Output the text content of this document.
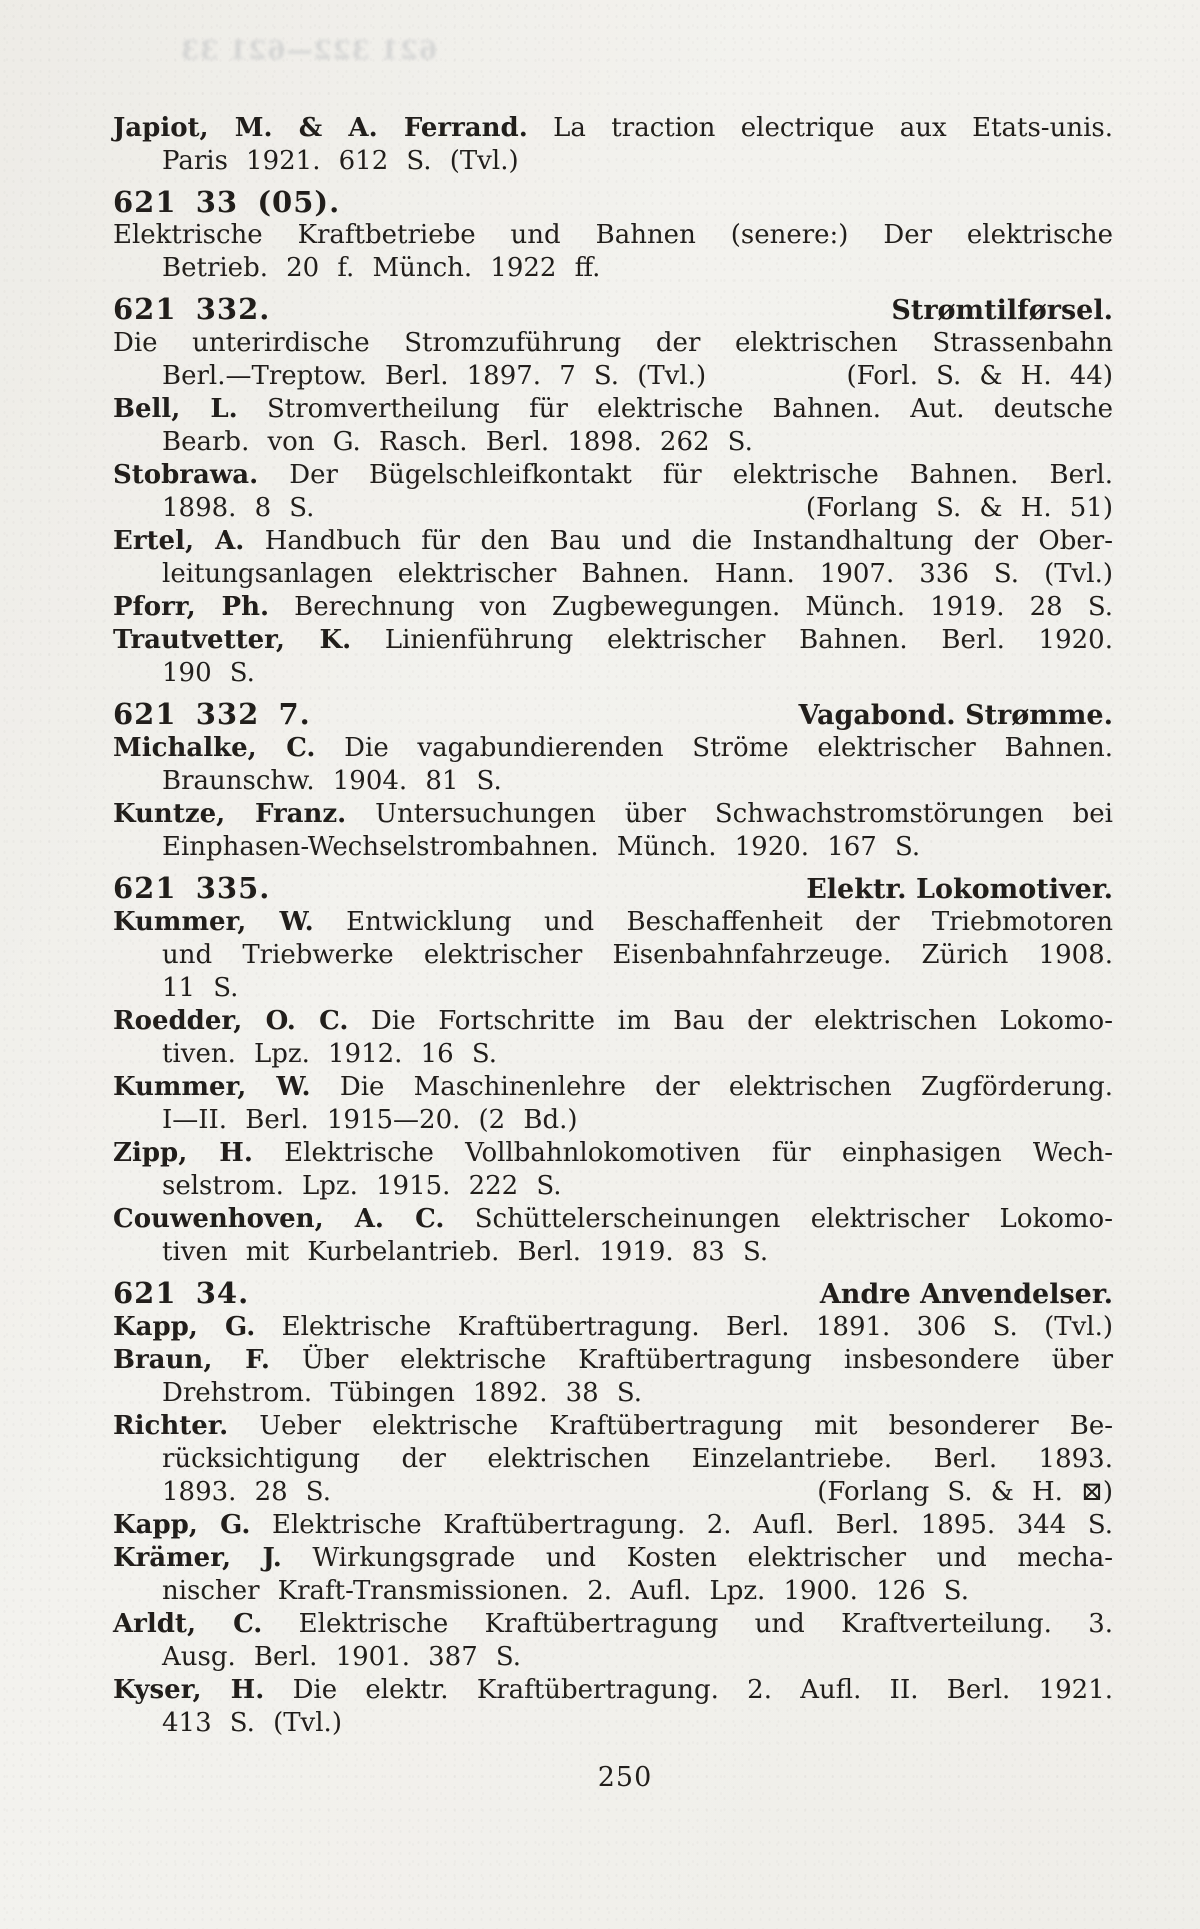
621 322—621 33
Japiot, M. & A. Ferrand. La traction electrique aux Etats-unis.
Paris 1921. 612 S. (Tvl.)
621 33 (05).
Elektrische Kraftbetriebe und Bahnen (senere:) Der elektrische
Betrieb. 20 f. Münch. 1922 ff.
621 332.	Strømtilførsel.
Die unterirdische Stromzuführung der elektrischen Strassenbahn
Berl.—Treptow. Berl. 1897. 7 S. (Tvl.)	(Forl. S. & H. 44)
Bell, L. Stromvertheilung für elektrische Bahnen. Aut. deutsche
Bearb. von G. Rasch. Berl. 1898. 262 S.
Stobrawa. Der Bügelschleifkontakt für elektrische Bahnen. Berl.
1898. 8 S.	(Forlang S. & H. 51)
Ertel, A. Handbuch für den Bau und die Instandhaltung der Ober-
leitungsanlagen elektrischer Bahnen. Hann. 1907. 336 S. (Tvl.)
Pforr, Ph. Berechnung von Zugbewegungen. Münch. 1919. 28 S.
Trautvetter, K. Linienführung elektrischer Bahnen. Berl. 1920.
190 S.
621 332 7.	Vagabond. Strømme.
Michalke, C. Die vagabundierenden Ströme elektrischer Bahnen.
Braunschw. 1904. 81 S.
Kuntze, Franz. Untersuchungen über Schwachstromstörungen bei
Einphasen-Wechselstrombahnen. Münch. 1920. 167 S.
621 335.	Elektr. Lokomotiver.
Kummer, W. Entwicklung und Beschaffenheit der Triebmotoren
und Triebwerke elektrischer Eisenbahnfahrzeuge. Zürich 1908.
11 S.
Roedder, O. C. Die Fortschritte im Bau der elektrischen Lokomo-
tiven. Lpz. 1912. 16 S.
Kummer, W. Die Maschinenlehre der elektrischen Zugförderung.
I—II. Berl. 1915—20. (2 Bd.)
Zipp, H. Elektrische Vollbahnlokomotiven für einphasigen Wech-
selstrom. Lpz. 1915. 222 S.
Couwenhoven, A. C. Schüttelerscheinungen elektrischer Lokomo-
tiven mit Kurbelantrieb. Berl. 1919. 83 S.
621 34.	Andre Anvendelser.
Kapp, G. Elektrische Kraftübertragung. Berl. 1891. 306 S. (Tvl.)
Braun, F. Über elektrische Kraftübertragung insbesondere über
Drehstrom. Tübingen 1892. 38 S.
Richter. Ueber elektrische Kraftübertragung mit besonderer Be-
rücksichtigung der elektrischen Einzelantriebe. Berl. 1893.
1893. 28 S.	(Forlang S. & H. ⊠)
Kapp, G. Elektrische Kraftübertragung. 2. Aufl. Berl. 1895. 344 S.
Krämer, J. Wirkungsgrade und Kosten elektrischer und mecha-
nischer Kraft-Transmissionen. 2. Aufl. Lpz. 1900. 126 S.
Arldt, C. Elektrische Kraftübertragung und Kraftverteilung. 3.
Ausg. Berl. 1901. 387 S.
Kyser, H. Die elektr. Kraftübertragung. 2. Aufl. II. Berl. 1921.
413 S. (Tvl.)
250
